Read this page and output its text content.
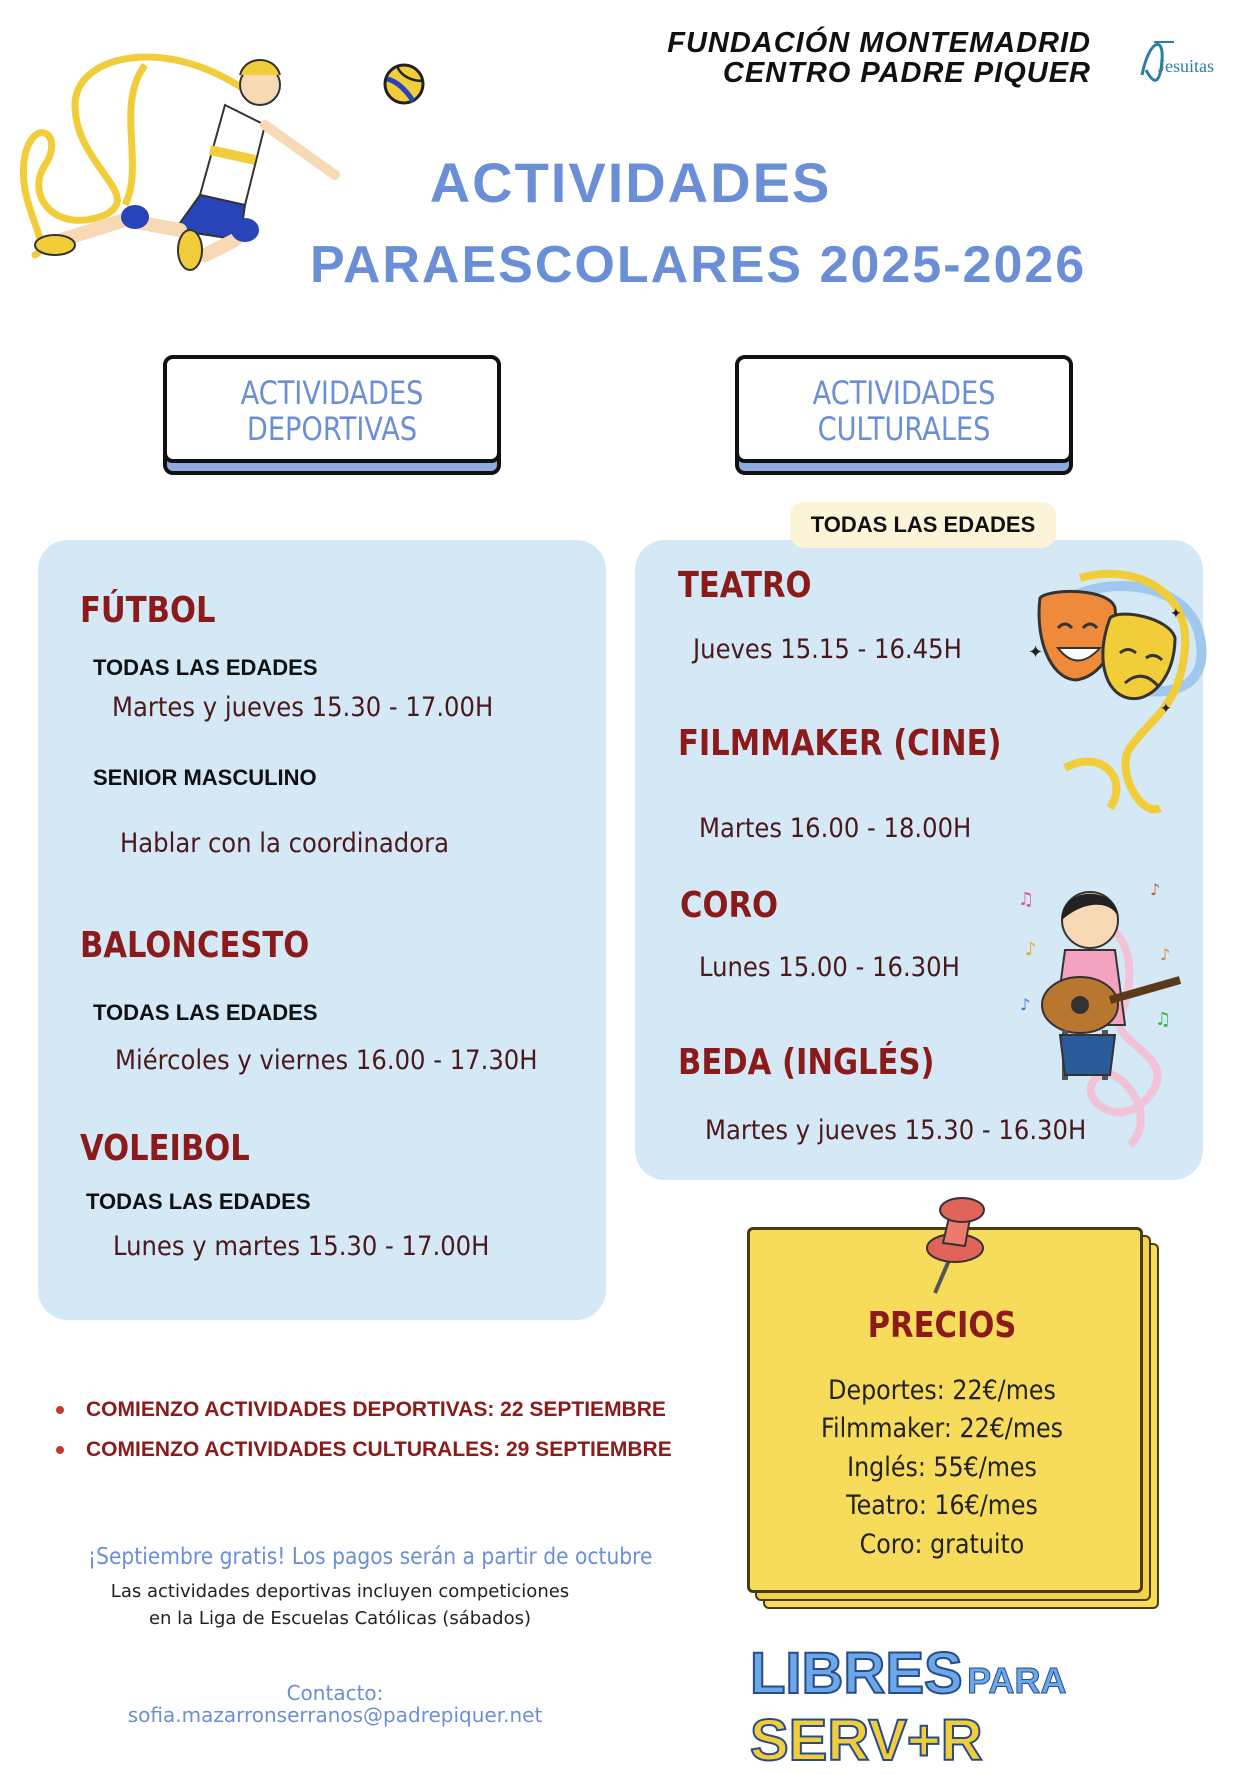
FUNDACIÓN MONTEMADRID
CENTRO PADRE PIQUER	Jesuitas
ACTIVIDADES
PARAESCOLARES 2025-2026
ACTIVIDADES
DEPORTIVAS
ACTIVIDADES
CULTURALES
FÚTBOL
TODAS LAS EDADES
Martes y jueves 15.30 - 17.00H
SENIOR MASCULINO
Hablar con la coordinadora
BALONCESTO
TODAS LAS EDADES
Miércoles y viernes 16.00 - 17.30H
VOLEIBOL
TODAS LAS EDADES
Lunes y martes 15.30 - 17.00H
TODAS LAS EDADES
TEATRO
Jueves 15.15 - 16.45H
FILMMAKER (CINE)
Martes 16.00 - 18.00H
CORO
Lunes 15.00 - 16.30H
BEDA (INGLÉS)
Martes y jueves 15.30 - 16.30H
✦
✦
✦
♫	♪
♪	♪
♪
♫
COMIENZO ACTIVIDADES DEPORTIVAS: 22 SEPTIEMBRE
COMIENZO ACTIVIDADES CULTURALES: 29 SEPTIEMBRE
¡Septiembre gratis! Los pagos serán a partir de octubre
Las actividades deportivas incluyen competiciones
en la Liga de Escuelas Católicas (sábados)
Contacto:
sofia.mazarronserranos@padrepiquer.net
PRECIOS
Deportes: 22€/mes
Filmmaker: 22€/mes
Inglés: 55€/mes
Teatro: 16€/mes
Coro: gratuito
LIBRES PARA SERV+R
